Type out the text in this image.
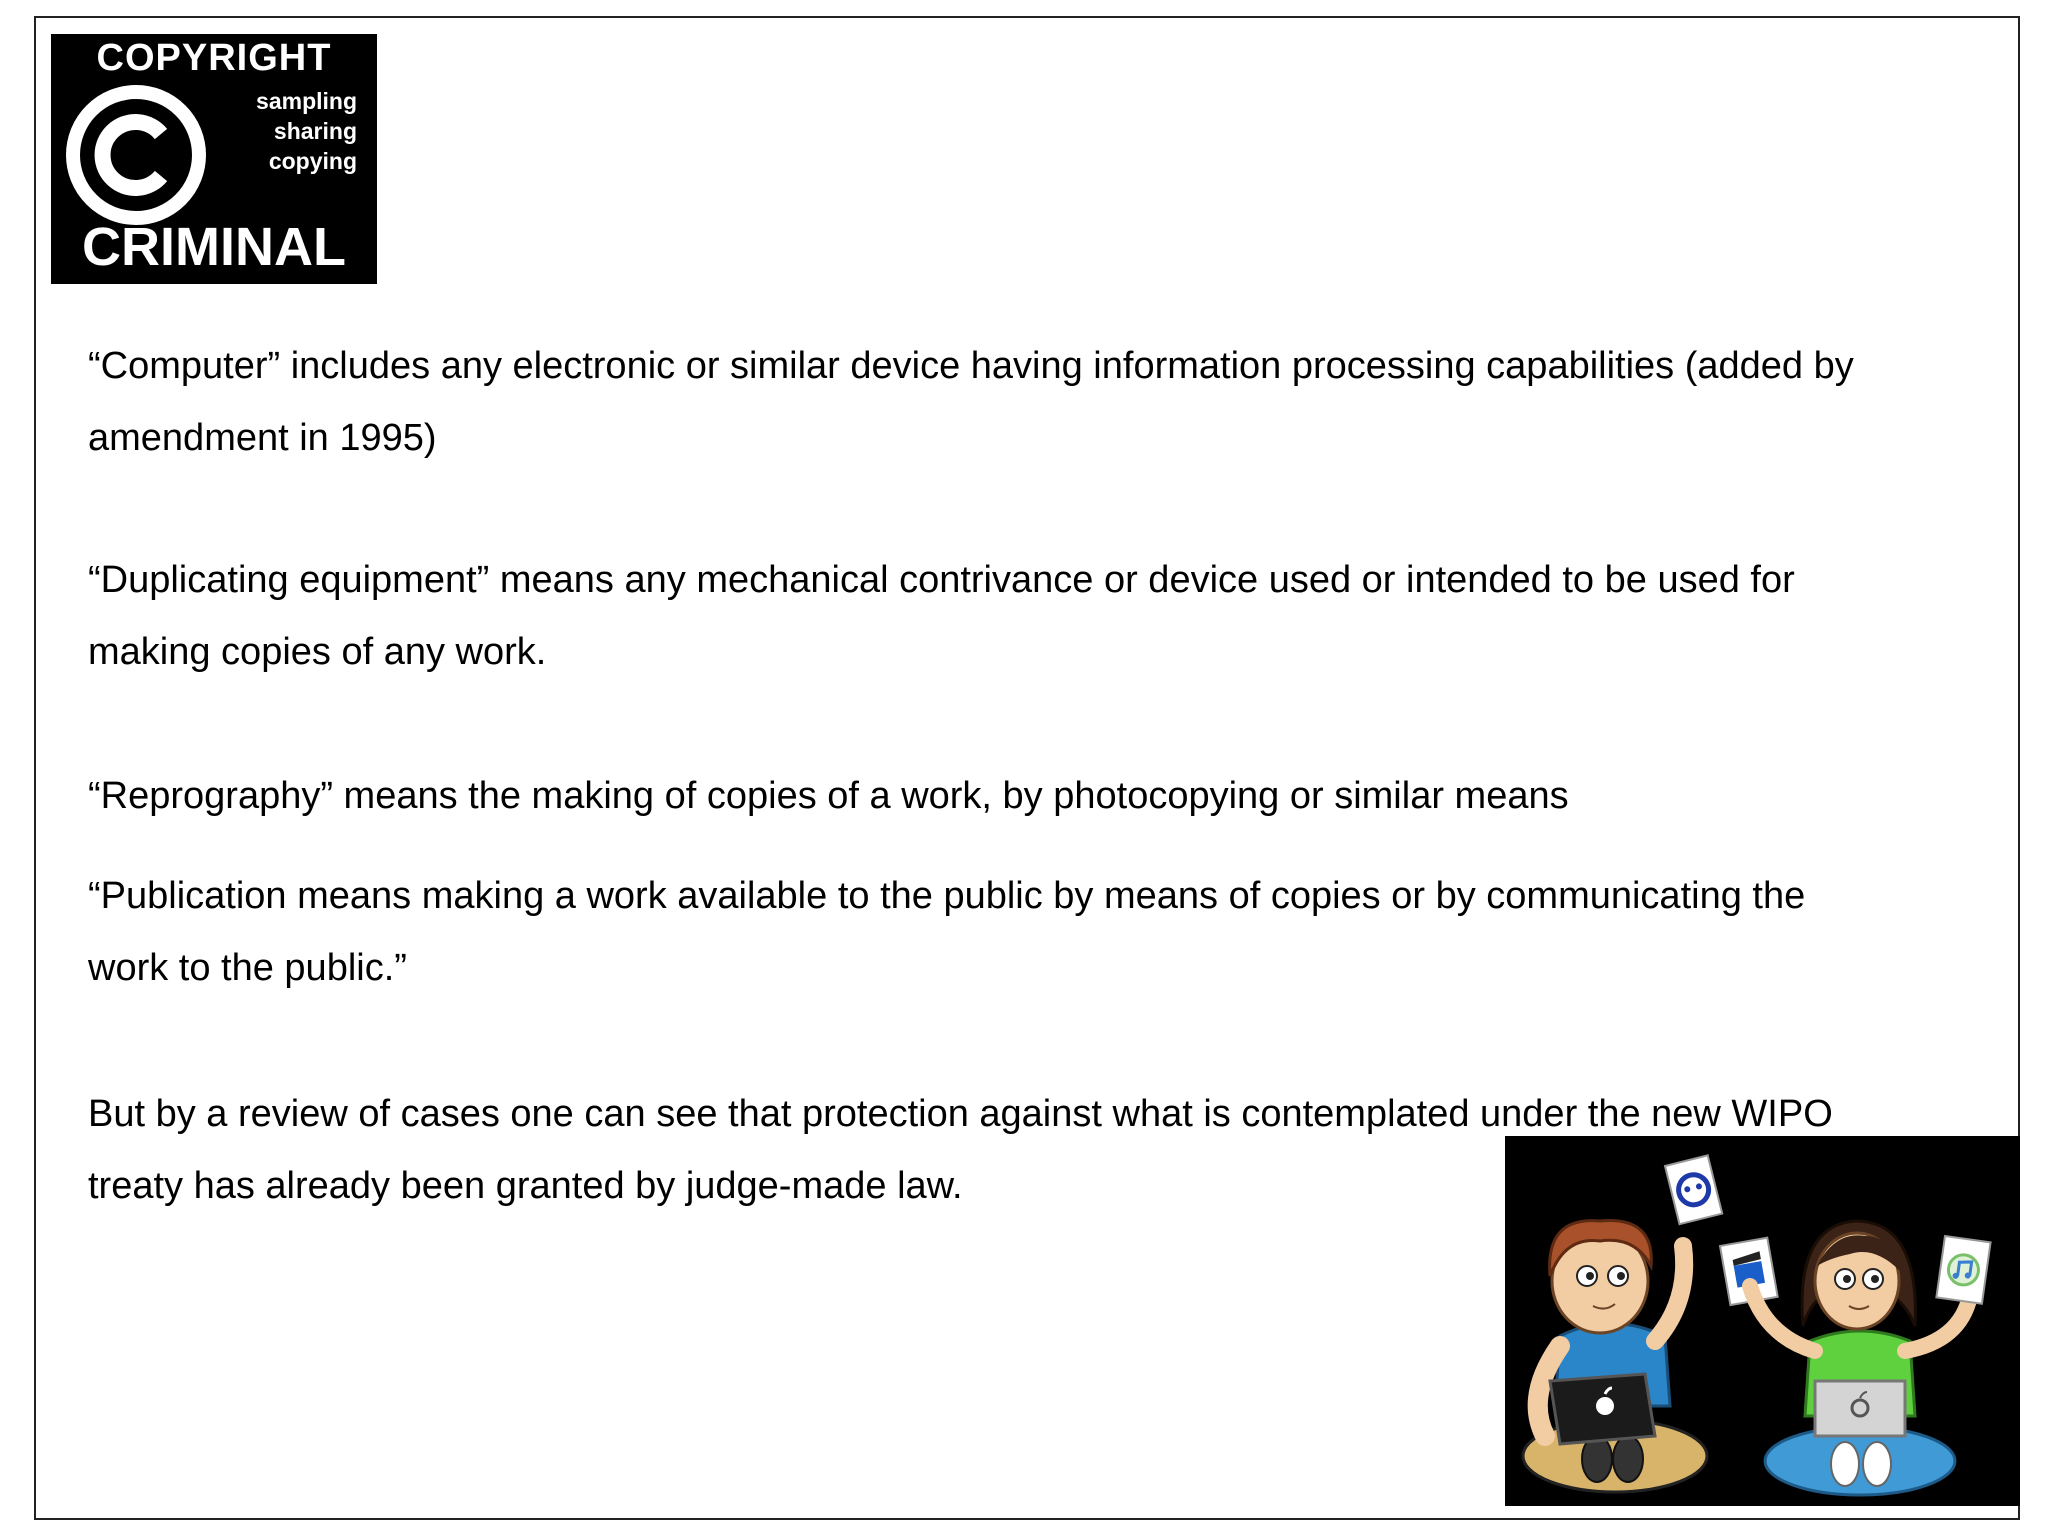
COPYRIGHT
sampling
sharing
copying
CRIMINAL
“Computer” includes any electronic or similar device having information processing capabilities (added by
amendment in 1995)
“Duplicating equipment” means any mechanical contrivance or device used or intended to be used for
making copies of any work.
“Reprography” means the making of copies of a work, by photocopying or similar means
“Publication means making a work available to the public by means of copies or by communicating the
work to the public.”
But by a review of cases one can see that protection against what is contemplated under the new WIPO
treaty has already been granted by judge-made law.
